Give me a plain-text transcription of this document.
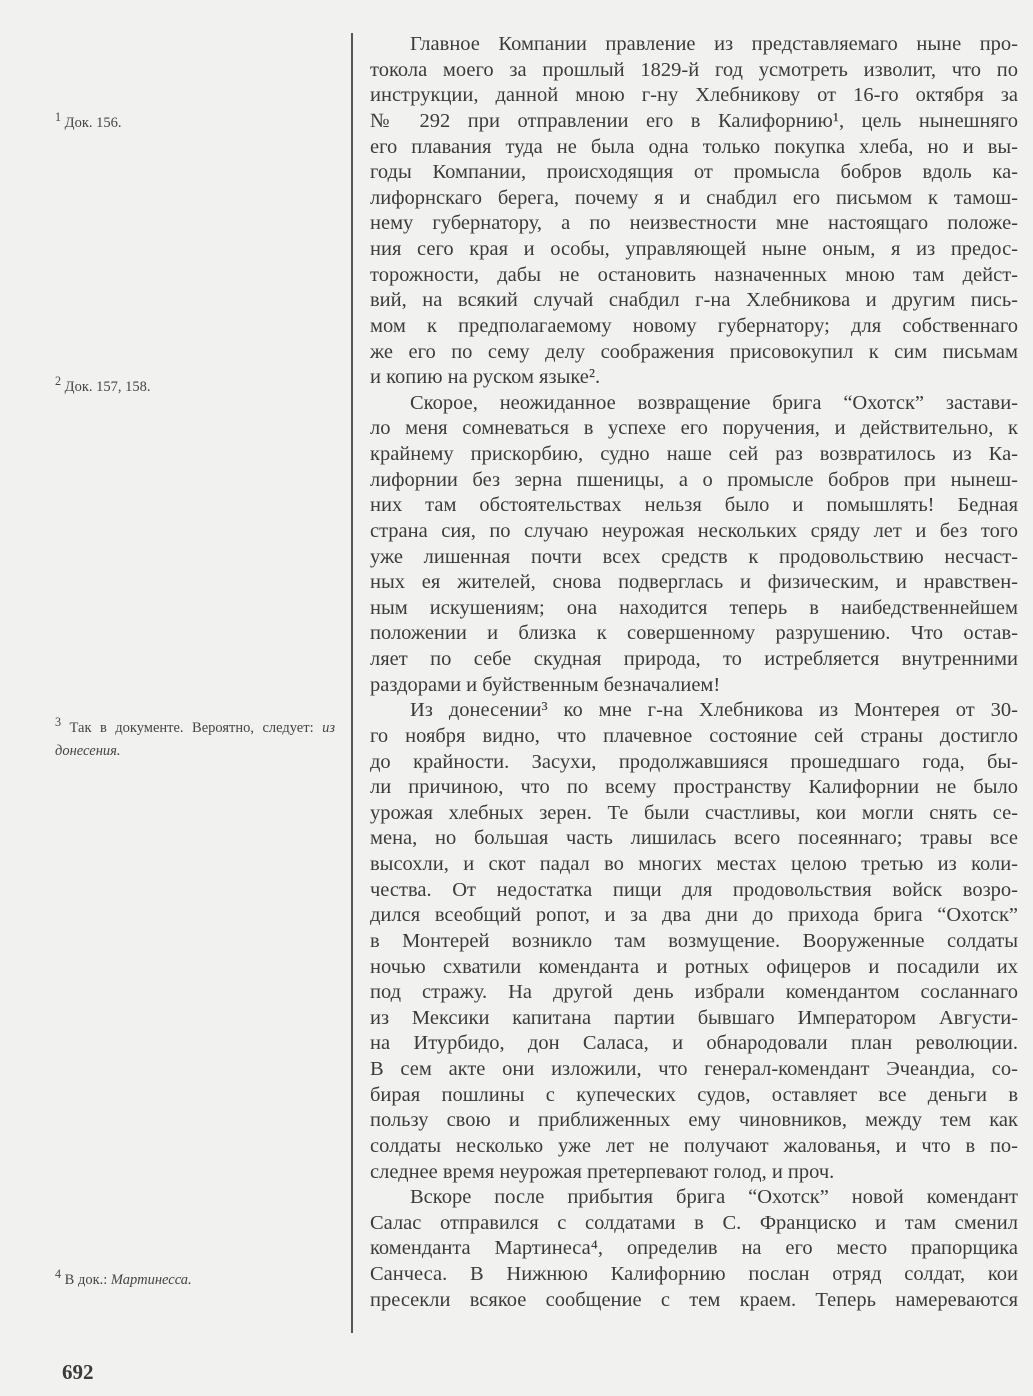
$^1$ Док. 156.
$^2$ Док. 157, 158.
$^3$ Так в документе. Вероятно, следует: из донесения.
$^4$ В док.: Мартинесса.
Главное Компании правление из представляемаго ныне про-
токола моего за прошлый 1829-й год усмотреть изволит, что по
инструкции, данной мною г-ну Хлебникову от 16-го октября за
№ 292 при отправлении его в Калифорнию¹, цель нынешняго
его плавания туда не была одна только покупка хлеба, но и вы-
годы Компании, происходящия от промысла бобров вдоль ка-
лифорнскаго берега, почему я и снабдил его письмом к тамош-
нему губернатору, а по неизвестности мне настоящаго положе-
ния сего края и особы, управляющей ныне оным, я из предос-
торожности, дабы не остановить назначенных мною там дейст-
вий, на всякий случай снабдил г-на Хлебникова и другим пись-
мом к предполагаемому новому губернатору; для собственнаго
же его по сему делу соображения присовокупил к сим письмам
и копию на руском языке².
Скорое, неожиданное возвращение брига “Охотск” застави-
ло меня сомневаться в успехе его поручения, и действительно, к
крайнему прискорбию, судно наше сей раз возвратилось из Ка-
лифорнии без зерна пшеницы, а о промысле бобров при нынеш-
них там обстоятельствах нельзя было и помышлять! Бедная
страна сия, по случаю неурожая нескольких сряду лет и без того
уже лишенная почти всех средств к продовольствию несчаст-
ных ея жителей, снова подверглась и физическим, и нравствен-
ным искушениям; она находится теперь в наибедственнейшем
положении и близка к совершенному разрушению. Что остав-
ляет по себе скудная природа, то истребляется внутренними
раздорами и буйственным безначалием!
Из донесении³ ко мне г-на Хлебникова из Монтерея от 30-
го ноября видно, что плачевное состояние сей страны достигло
до крайности. Засухи, продолжавшияся прошедшаго года, бы-
ли причиною, что по всему пространству Калифорнии не было
урожая хлебных зерен. Те были счастливы, кои могли снять се-
мена, но большая часть лишилась всего посеяннаго; травы все
высохли, и скот падал во многих местах целою третью из коли-
чества. От недостатка пищи для продовольствия войск возро-
дился всеобщий ропот, и за два дни до прихода брига “Охотск”
в Монтерей возникло там возмущение. Вооруженные солдаты
ночью схватили коменданта и ротных офицеров и посадили их
под стражу. На другой день избрали комендантом сосланнаго
из Мексики капитана партии бывшаго Императором Августи-
на Итурбидо, дон Саласа, и обнародовали план революции.
В сем акте они изложили, что генерал-комендант Эчеандиа, со-
бирая пошлины с купеческих судов, оставляет все деньги в
пользу свою и приближенных ему чиновников, между тем как
солдаты несколько уже лет не получают жалованья, и что в по-
следнее время неурожая претерпевают голод, и проч.
Вскоре после прибытия брига “Охотск” новой комендант
Салас отправился с солдатами в С. Франциско и там сменил
коменданта Мартинеса⁴, определив на его место прапорщика
Санчеса. В Нижнюю Калифорнию послан отряд солдат, кои
пресекли всякое сообщение с тем краем. Теперь намереваются
692
